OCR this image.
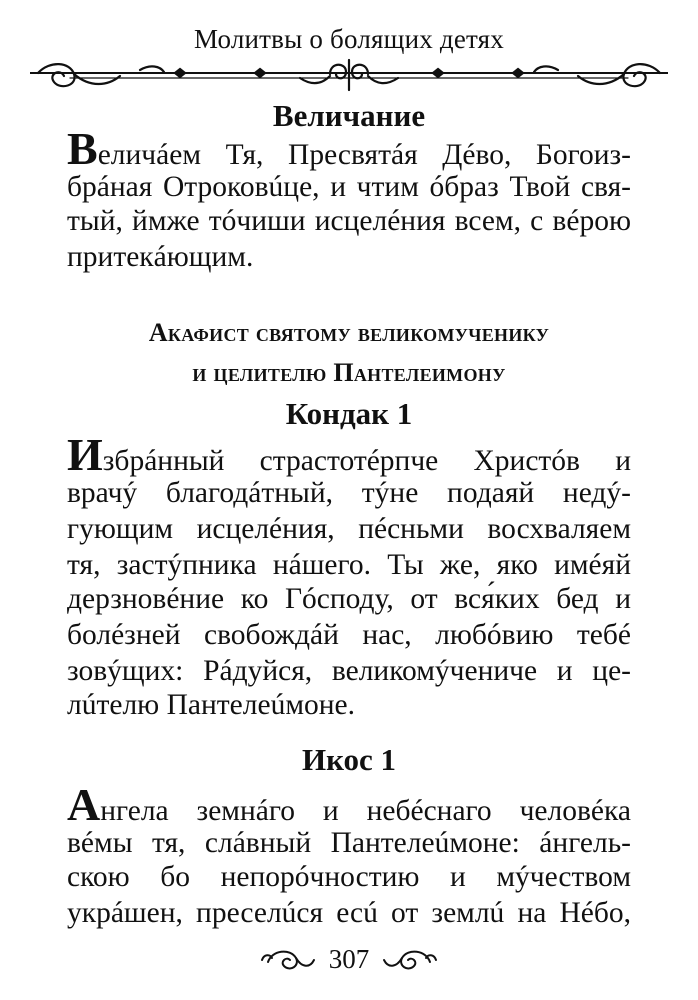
Молитвы о болящих детях
Величание
Величáем Тя, Пресвятáя Дéво, Богоиз-
брáная Отроковúце, и чтим óбраз Твой свя-
тый, ймже тóчиши исцелéния всем, с вéрою
притекáющим.
Акафист святому великомученику
и целителю Пантелеимону
Кондак 1
Избрáнный страстотéрпче Христóв и
врачý благодáтный, тýне подаяй недý-
гующим исцелéния, пéсньми восхваляем
тя, застýпника нáшего. Ты же, яко имéяй
дерзновéние ко Гóсподу, от вся́ких бед и
болéзней свобождáй нас, любóвию тебé
зовýщих: Рáдуйся, великомýчениче и це-
лúтелю Пантелеúмоне.
Икос 1
Ангела земнáго и небéснаго человéка
вéмы тя, слáвный Пантелеúмоне: áнгель-
скою бо непорóчностию и мýчеством
укрáшен, преселúся есú от землú на Нéбо,
307
